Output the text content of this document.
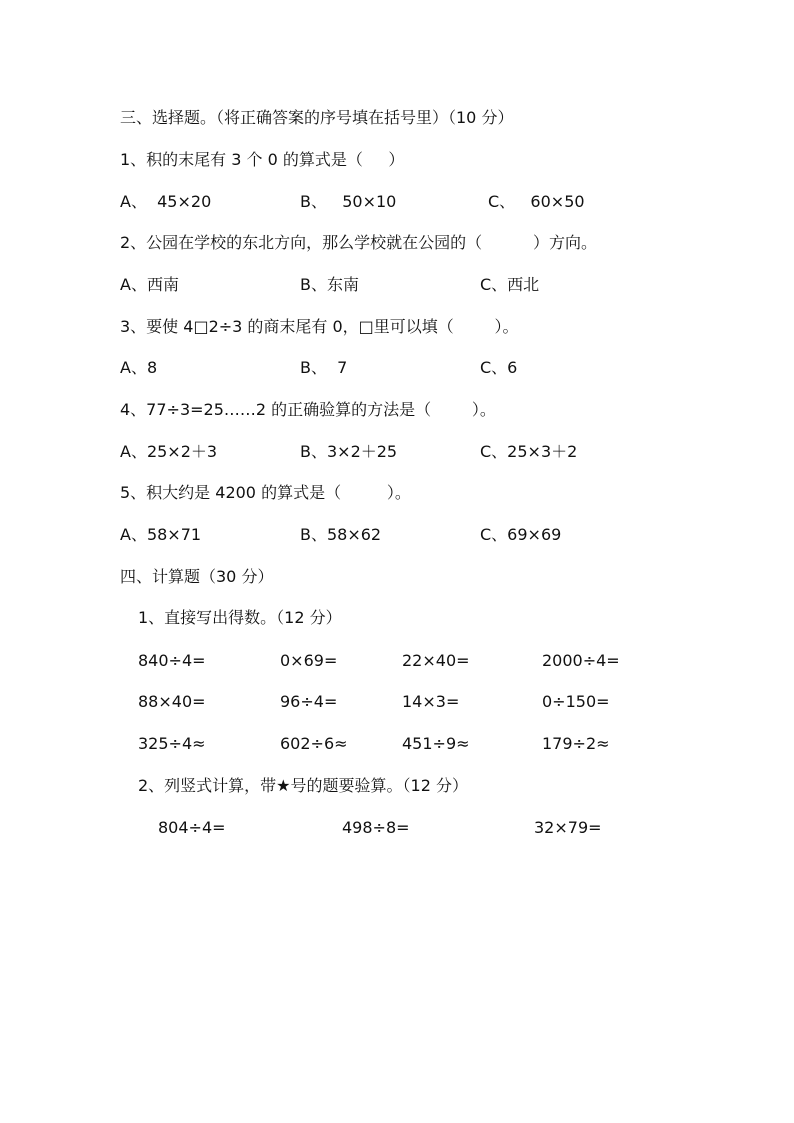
三、选择题。（将正确答案的序号填在括号里）（10 分）
1、积的末尾有 3 个 0 的算式是（     ）
A、  45×20	B、   50×10	C、   60×50
2、公园在学校的东北方向，那么学校就在公园的（          ）方向。
A、西南	B、东南	C、西北
3、要使 4□2÷3 的商末尾有 0，□里可以填（        ）。
A、8	B、  7	C、6
4、77÷3=25……2 的正确验算的方法是（        ）。
A、25×2＋3	B、3×2＋25	C、25×3＋2
5、积大约是 4200 的算式是（         ）。
A、58×71	B、58×62	C、69×69
四、计算题（30 分）
1、直接写出得数。（12 分）
840÷4=	0×69=	22×40=	2000÷4=
88×40=	96÷4=	14×3=	0÷150=
325÷4≈	602÷6≈	451÷9≈	179÷2≈
2、列竖式计算，带★号的题要验算。（12 分）
804÷4=	498÷8=	32×79=
